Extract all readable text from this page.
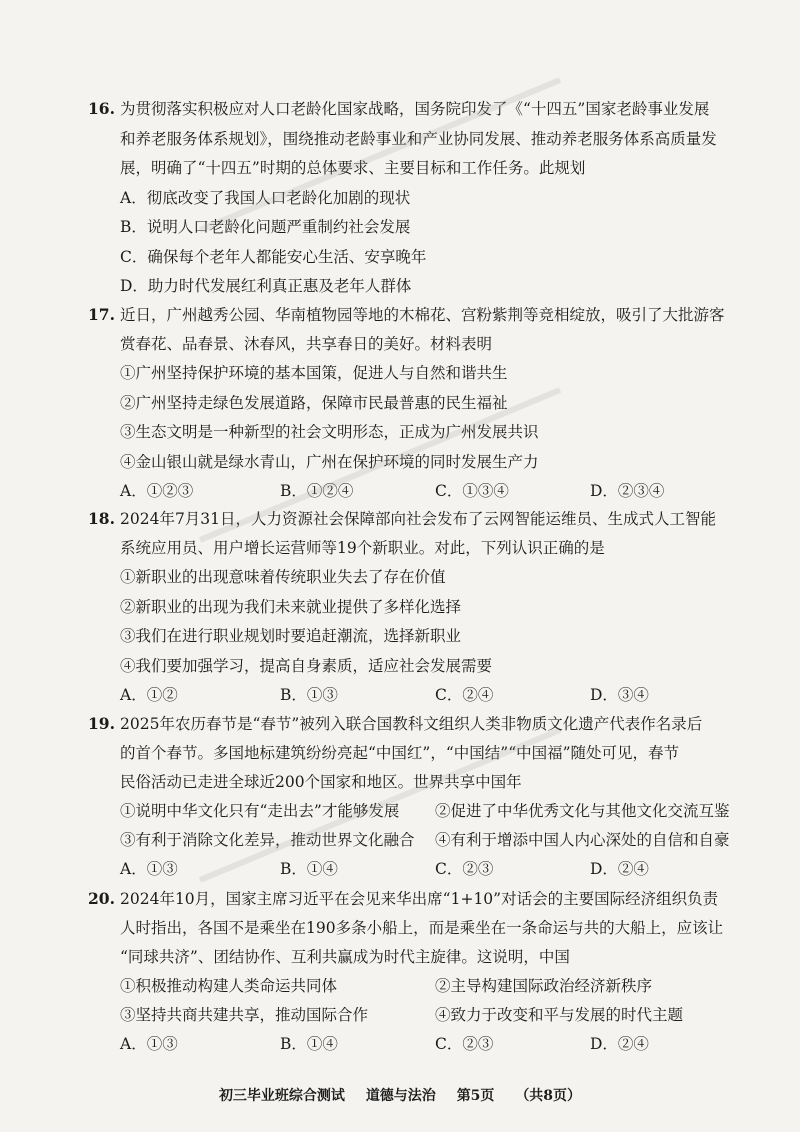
16. 为贯彻落实积极应对人口老龄化国家战略，国务院印发了《“十四五”国家老龄事业发展
和养老服务体系规划》，围绕推动老龄事业和产业协同发展、推动养老服务体系高质量发
展，明确了“十四五”时期的总体要求、主要目标和工作任务。此规划
A．彻底改变了我国人口老龄化加剧的现状
B．说明人口老龄化问题严重制约社会发展
C．确保每个老年人都能安心生活、安享晚年
D．助力时代发展红利真正惠及老年人群体
17. 近日，广州越秀公园、华南植物园等地的木棉花、宫粉紫荆等竞相绽放，吸引了大批游客
赏春花、品春景、沐春风，共享春日的美好。材料表明
①广州坚持保护环境的基本国策，促进人与自然和谐共生
②广州坚持走绿色发展道路，保障市民最普惠的民生福祉
③生态文明是一种新型的社会文明形态，正成为广州发展共识
④金山银山就是绿水青山，广州在保护环境的同时发展生产力
A．①②③	B．①②④	C．①③④	D．②③④
18. 2024年7月31日，人力资源社会保障部向社会发布了云网智能运维员、生成式人工智能
系统应用员、用户增长运营师等19个新职业。对此，下列认识正确的是
①新职业的出现意味着传统职业失去了存在价值
②新职业的出现为我们未来就业提供了多样化选择
③我们在进行职业规划时要追赶潮流，选择新职业
④我们要加强学习，提高自身素质，适应社会发展需要
A．①②	B．①③	C．②④	D．③④
19. 2025年农历春节是“春节”被列入联合国教科文组织人类非物质文化遗产代表作名录后
的首个春节。多国地标建筑纷纷亮起“中国红”，“中国结”“中国福”随处可见，春节
民俗活动已走进全球近200个国家和地区。世界共享中国年
①说明中华文化只有“走出去”才能够发展 ②促进了中华优秀文化与其他文化交流互鉴
③有利于消除文化差异，推动世界文化融合 ④有利于增添中国人内心深处的自信和自豪
A．①③	B．①④	C．②③	D．②④
20. 2024年10月，国家主席习近平在会见来华出席“1+10”对话会的主要国际经济组织负责
人时指出，各国不是乘坐在190多条小船上，而是乘坐在一条命运与共的大船上，应该让
“同球共济”、团结协作、互利共赢成为时代主旋律。这说明，中国
①积极推动构建人类命运共同体	②主导构建国际政治经济新秩序
③坚持共商共建共享，推动国际合作	④致力于改变和平与发展的时代主题
A．①③	B．①④	C．②③	D．②④
初三毕业班综合测试 道德与法治 第5页 （共8页）
